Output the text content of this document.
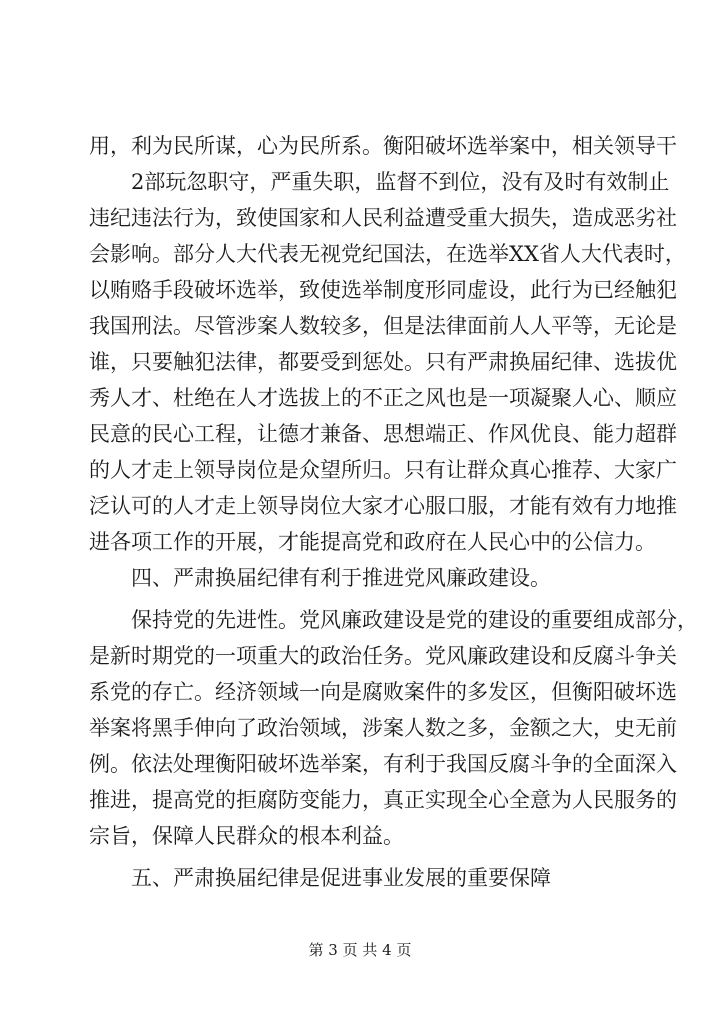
用，利为民所谋，心为民所系。衡阳破坏选举案中，相关领导干

2部玩忽职守，严重失职，监督不到位，没有及时有效制止

违纪违法行为，致使国家和人民利益遭受重大损失，造成恶劣社

会影响。部分人大代表无视党纪国法，在选举XX省人大代表时，

以贿赂手段破坏选举，致使选举制度形同虚设，此行为已经触犯

我国刑法。尽管涉案人数较多，但是法律面前人人平等，无论是

谁，只要触犯法律，都要受到惩处。只有严肃换届纪律、选拔优

秀人才、杜绝在人才选拔上的不正之风也是一项凝聚人心、顺应

民意的民心工程，让德才兼备、思想端正、作风优良、能力超群

的人才走上领导岗位是众望所归。只有让群众真心推荐、大家广

泛认可的人才走上领导岗位大家才心服口服，才能有效有力地推

进各项工作的开展，才能提高党和政府在人民心中的公信力。

四、严肃换届纪律有利于推进党风廉政建设。

保持党的先进性。党风廉政建设是党的建设的重要组成部分，

是新时期党的一项重大的政治任务。党风廉政建设和反腐斗争关

系党的存亡。经济领域一向是腐败案件的多发区，但衡阳破坏选

举案将黑手伸向了政治领域，涉案人数之多，金额之大，史无前

例。依法处理衡阳破坏选举案，有利于我国反腐斗争的全面深入

推进，提高党的拒腐防变能力，真正实现全心全意为人民服务的

宗旨，保障人民群众的根本利益。

五、严肃换届纪律是促进事业发展的重要保障

第 3 页 共 4 页
